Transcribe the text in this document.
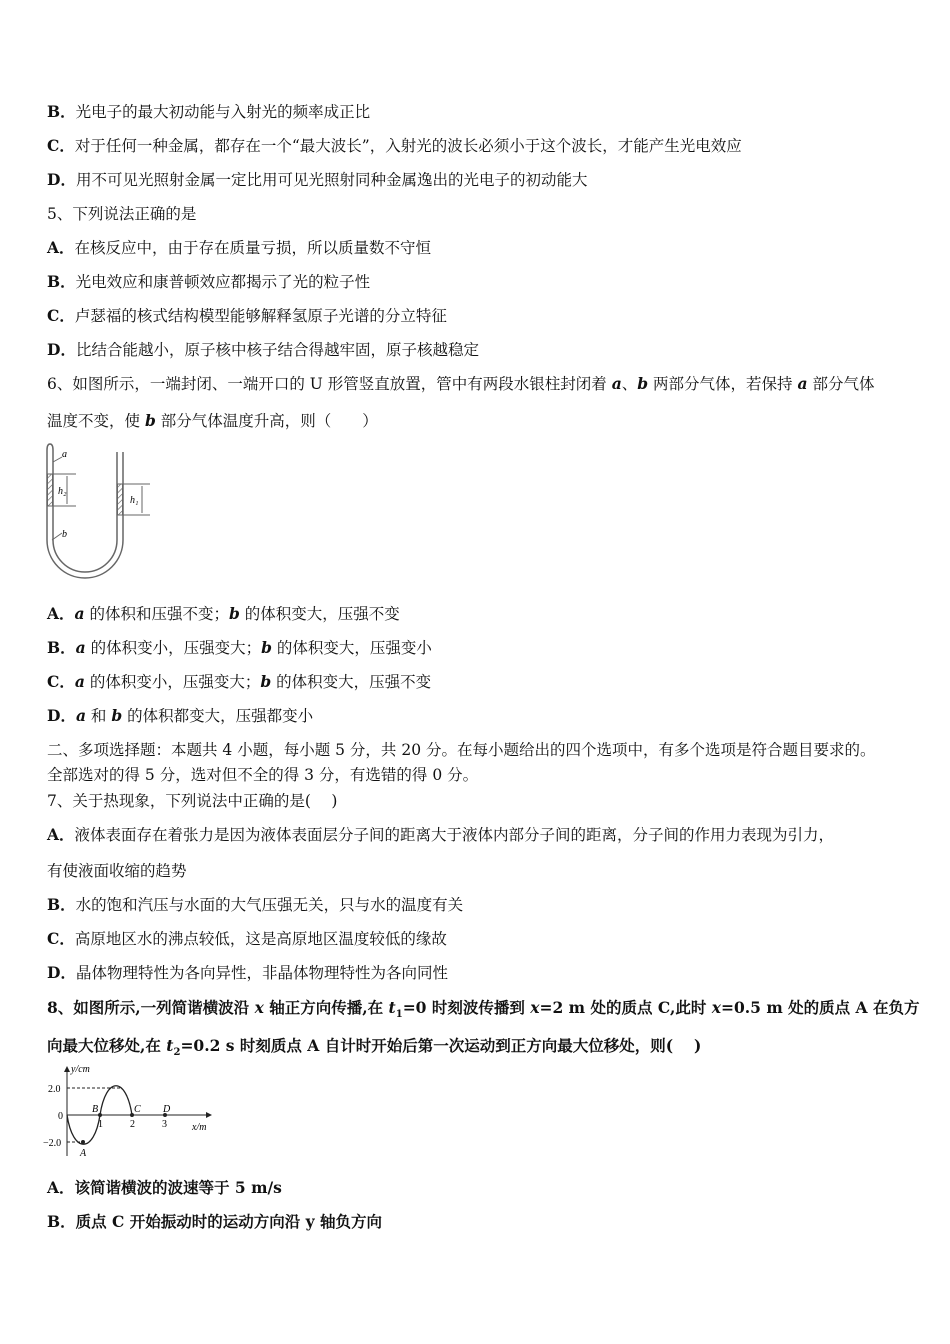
B．光电子的最大初动能与入射光的频率成正比
C．对于任何一种金属，都存在一个“最大波长”，入射光的波长必须小于这个波长，才能产生光电效应
D．用不可见光照射金属一定比用可见光照射同种金属逸出的光电子的初动能大
5、下列说法正确的是
A．在核反应中，由于存在质量亏损，所以质量数不守恒
B．光电效应和康普顿效应都揭示了光的粒子性
C．卢瑟福的核式结构模型能够解释氢原子光谱的分立特征
D．比结合能越小，原子核中核子结合得越牢固，原子核越稳定
6、如图所示，一端封闭、一端开口的 U 形管竖直放置，管中有两段水银柱封闭着 a、b 两部分气体，若保持 a 部分气体
温度不变，使 b 部分气体温度升高，则（　　）
a
b
h₂
h₁
A．a 的体积和压强不变；b 的体积变大，压强不变
B．a 的体积变小，压强变大；b 的体积变大，压强变小
C．a 的体积变小，压强变大；b 的体积变大，压强不变
D．a 和 b 的体积都变大，压强都变小
二、多项选择题：本题共 4 小题，每小题 5 分，共 20 分。在每小题给出的四个选项中，有多个选项是符合题目要求的。
全部选对的得 5 分，选对但不全的得 3 分，有选错的得 0 分。
7、关于热现象，下列说法中正确的是(　 )
A．液体表面存在着张力是因为液体表面层分子间的距离大于液体内部分子间的距离，分子间的作用力表现为引力，
有使液面收缩的趋势
B．水的饱和汽压与水面的大气压强无关，只与水的温度有关
C．高原地区水的沸点较低，这是高原地区温度较低的缘故
D．晶体物理特性为各向异性，非晶体物理特性为各向同性
8、如图所示,一列简谐横波沿 x 轴正方向传播,在 $t_1=0$ 时刻波传播到 x=2 m 处的质点 C,此时 x=0.5 m 处的质点 A 在负方
向最大位移处,在 $t_2=0.2$ s 时刻质点 A 自计时开始后第一次运动到正方向最大位移处，则(　 )
y/cm
2.0
0
−2.0
1	2	3	x/m
A
B	C D
A．该简谐横波的波速等于 5 m/s
B．质点 C 开始振动时的运动方向沿 y 轴负方向
